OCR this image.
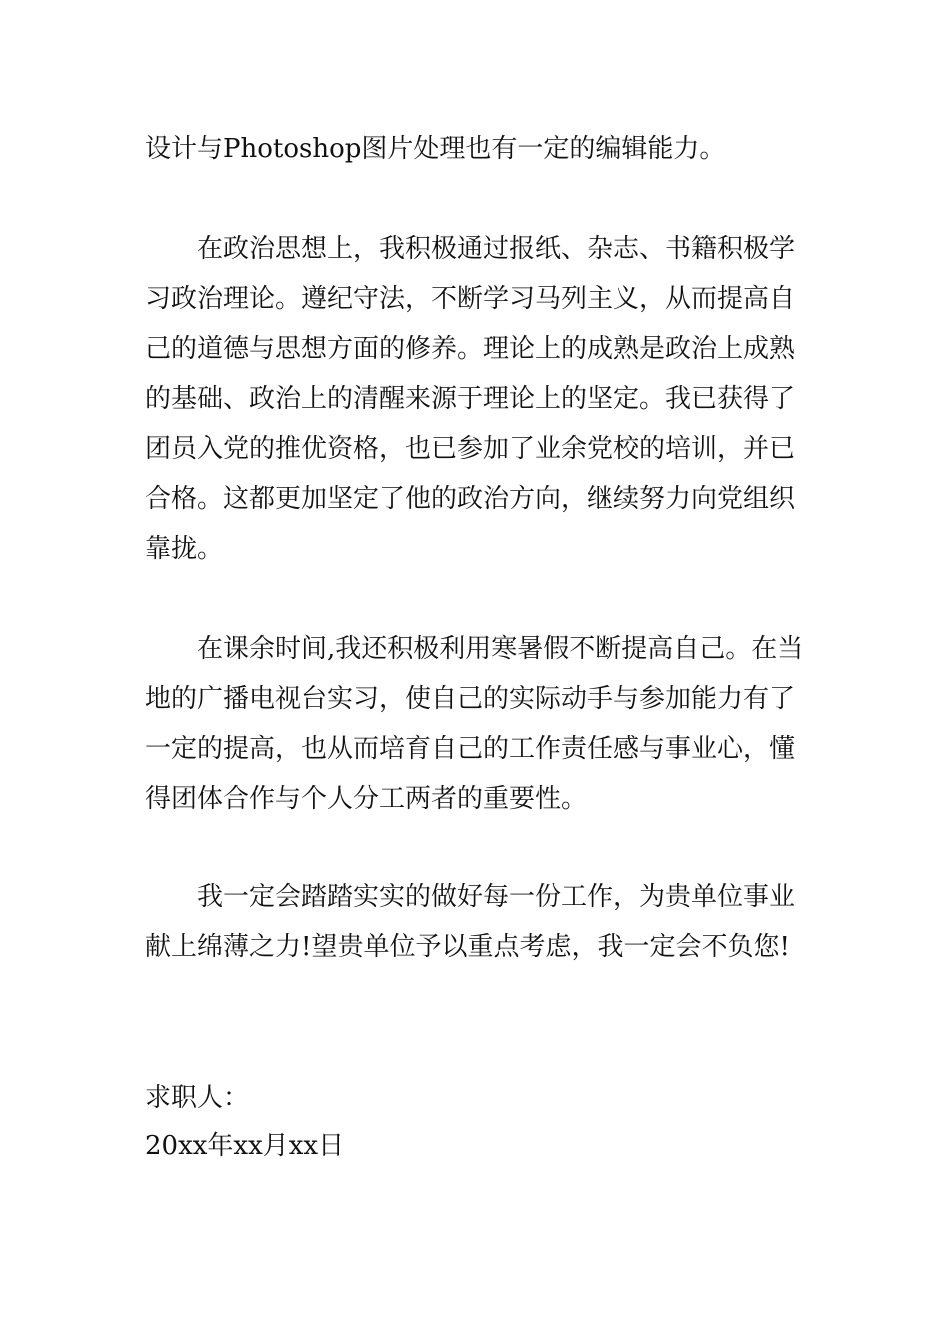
设计与Photoshop图片处理也有一定的编辑能力。
在政治思想上，我积极通过报纸、杂志、书籍积极学
习政治理论。遵纪守法，不断学习马列主义，从而提高自
己的道德与思想方面的修养。理论上的成熟是政治上成熟
的基础、政治上的清醒来源于理论上的坚定。我已获得了
团员入党的推优资格，也已参加了业余党校的培训，并已
合格。这都更加坚定了他的政治方向，继续努力向党组织
靠拢。
在课余时间,我还积极利用寒暑假不断提高自己。在当
地的广播电视台实习，使自己的实际动手与参加能力有了
一定的提高，也从而培育自己的工作责任感与事业心，懂
得团体合作与个人分工两者的重要性。
我一定会踏踏实实的做好每一份工作，为贵单位事业
献上绵薄之力!望贵单位予以重点考虑，我一定会不负您!
求职人：
20xx年xx月xx日
